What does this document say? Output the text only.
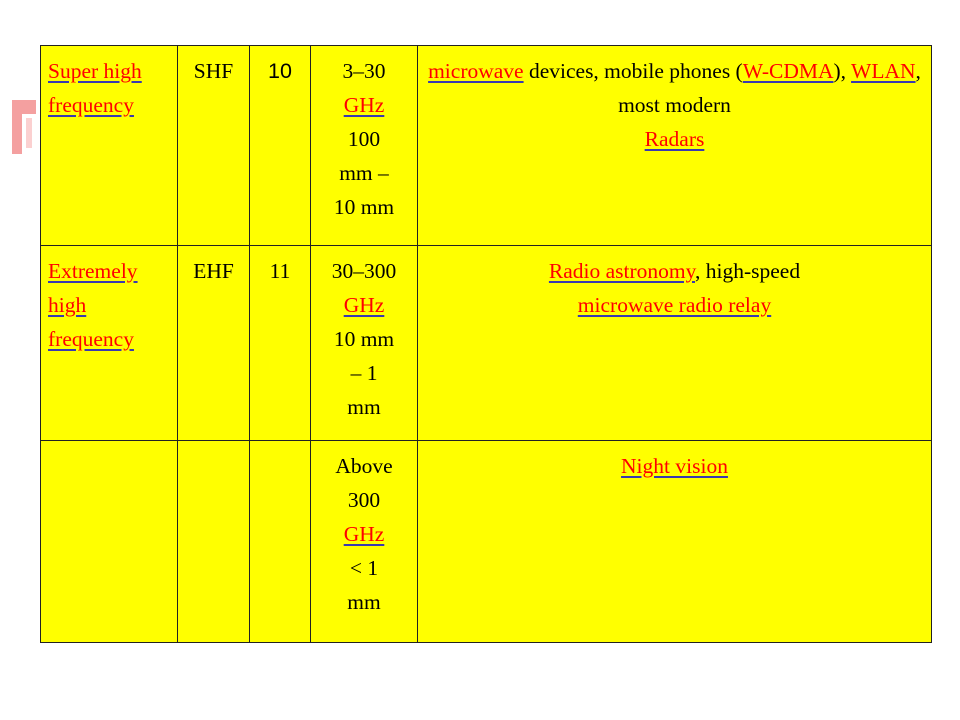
Super high frequency	SHF	10	3–30
GHz
100
mm –
10 mm	microwave devices, mobile phones (W-CDMA), WLAN, most modern
Radars

Extremely high frequency	EHF	11	30–300
GHz
10 mm
– 1
mm	Radio astronomy, high-speed
microwave radio relay

			Above
300
GHz
< 1
mm	Night vision
